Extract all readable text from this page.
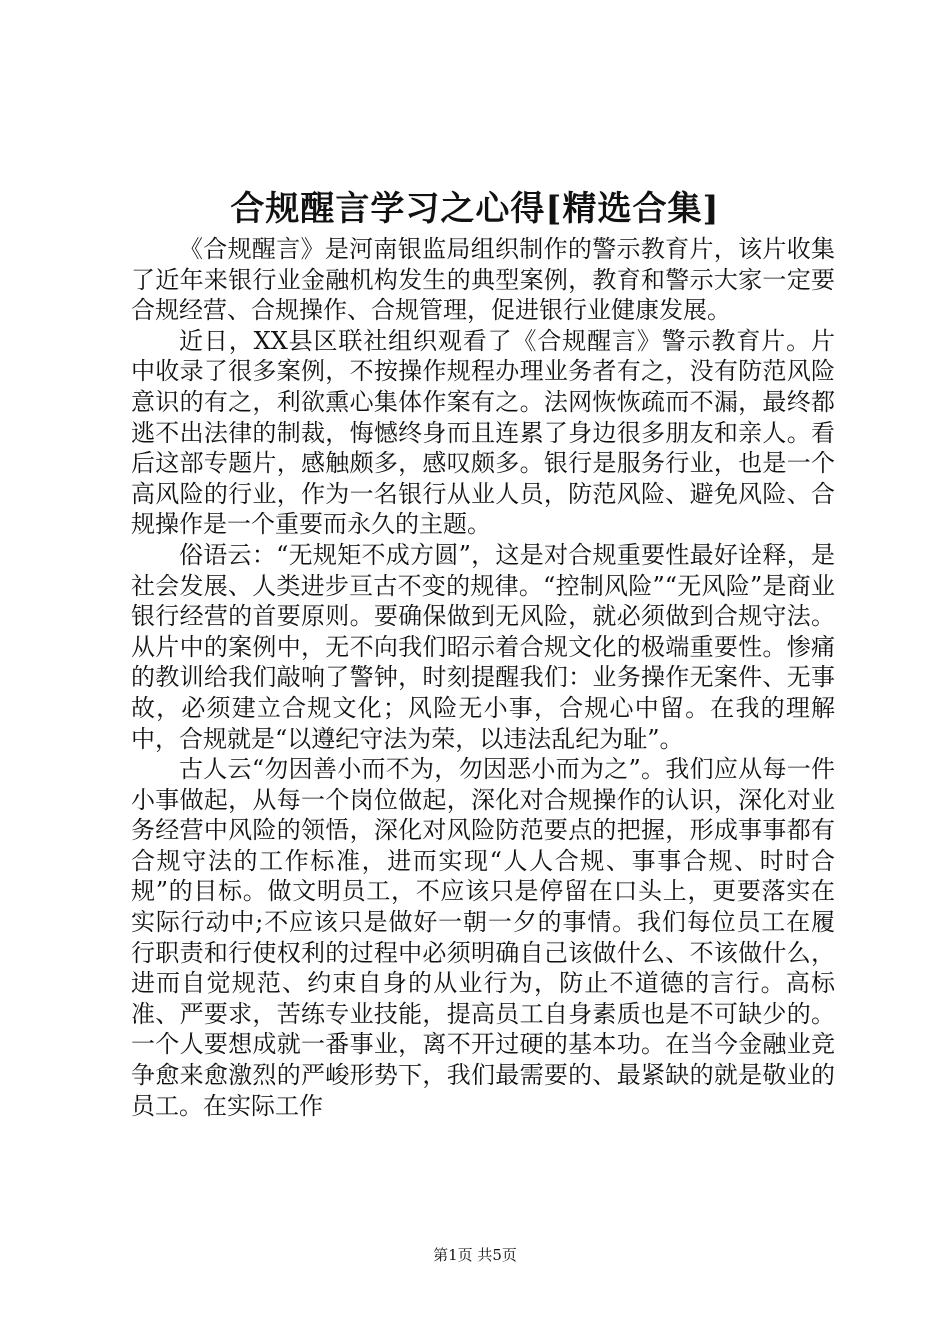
合规醒言学习之心得[精选合集]

《合规醒言》是河南银监局组织制作的警示教育片，该片收集了近年来银行业金融机构发生的典型案例，教育和警示大家一定要合规经营、合规操作、合规管理，促进银行业健康发展。

近日，XX县区联社组织观看了《合规醒言》警示教育片。片中收录了很多案例，不按操作规程办理业务者有之，没有防范风险意识的有之，利欲熏心集体作案有之。法网恢恢疏而不漏，最终都逃不出法律的制裁，悔憾终身而且连累了身边很多朋友和亲人。看后这部专题片，感触颇多，感叹颇多。银行是服务行业，也是一个高风险的行业，作为一名银行从业人员，防范风险、避免风险、合规操作是一个重要而永久的主题。

俗语云：“无规矩不成方圆”，这是对合规重要性最好诠释，是社会发展、人类进步亘古不变的规律。“控制风险”“无风险”是商业银行经营的首要原则。要确保做到无风险，就必须做到合规守法。从片中的案例中，无不向我们昭示着合规文化的极端重要性。惨痛的教训给我们敲响了警钟，时刻提醒我们：业务操作无案件、无事故，必须建立合规文化；风险无小事，合规心中留。在我的理解中，合规就是“以遵纪守法为荣，以违法乱纪为耻”。

古人云“勿因善小而不为，勿因恶小而为之”。我们应从每一件小事做起，从每一个岗位做起，深化对合规操作的认识，深化对业务经营中风险的领悟，深化对风险防范要点的把握，形成事事都有合规守法的工作标准，进而实现“人人合规、事事合规、时时合规”的目标。做文明员工，不应该只是停留在口头上，更要落实在实际行动中;不应该只是做好一朝一夕的事情。我们每位员工在履行职责和行使权利的过程中必须明确自己该做什么、不该做什么，进而自觉规范、约束自身的从业行为，防止不道德的言行。高标准、严要求，苦练专业技能，提高员工自身素质也是不可缺少的。一个人要想成就一番事业，离不开过硬的基本功。在当今金融业竞争愈来愈激烈的严峻形势下，我们最需要的、最紧缺的就是敬业的员工。在实际工作

第1页 共5页
